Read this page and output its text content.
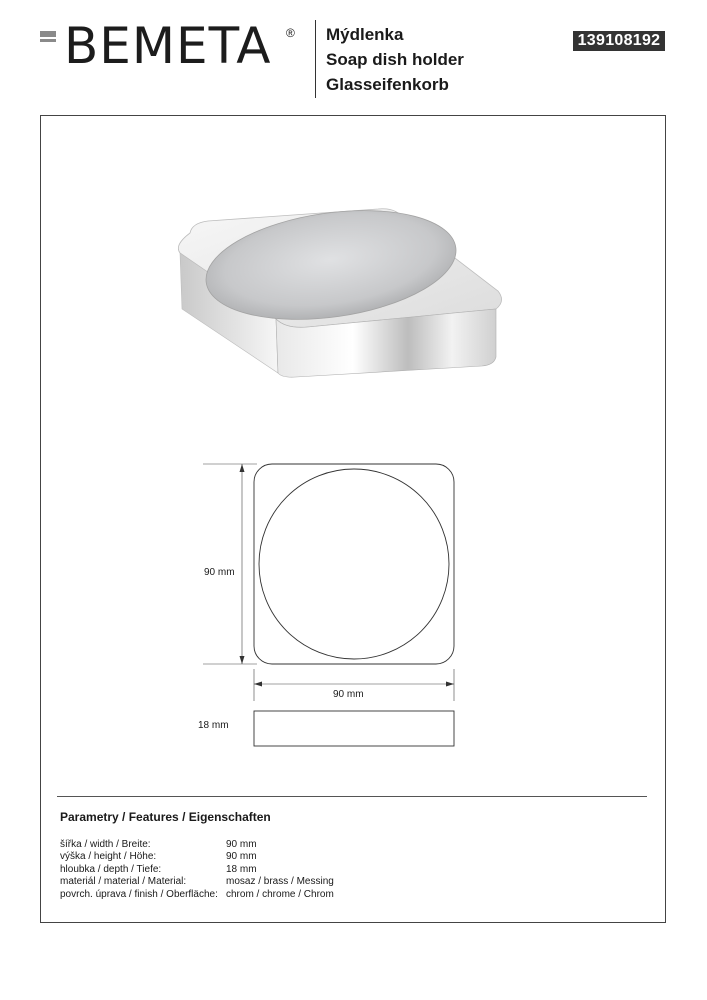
BEMETA ® Mýdlenka
Soap dish holder
Glasseifenkorb
139108192
90 mm
90 mm
18 mm
Parametry / Features / Eigenschaften
šířka / width / Breite:	90 mm
výška / height / Höhe:	90 mm
hloubka / depth / Tiefe:	18 mm
materiál / material / Material:	mosaz / brass / Messing
povrch. úprava / finish / Oberfläche: chrom / chrome / Chrom
